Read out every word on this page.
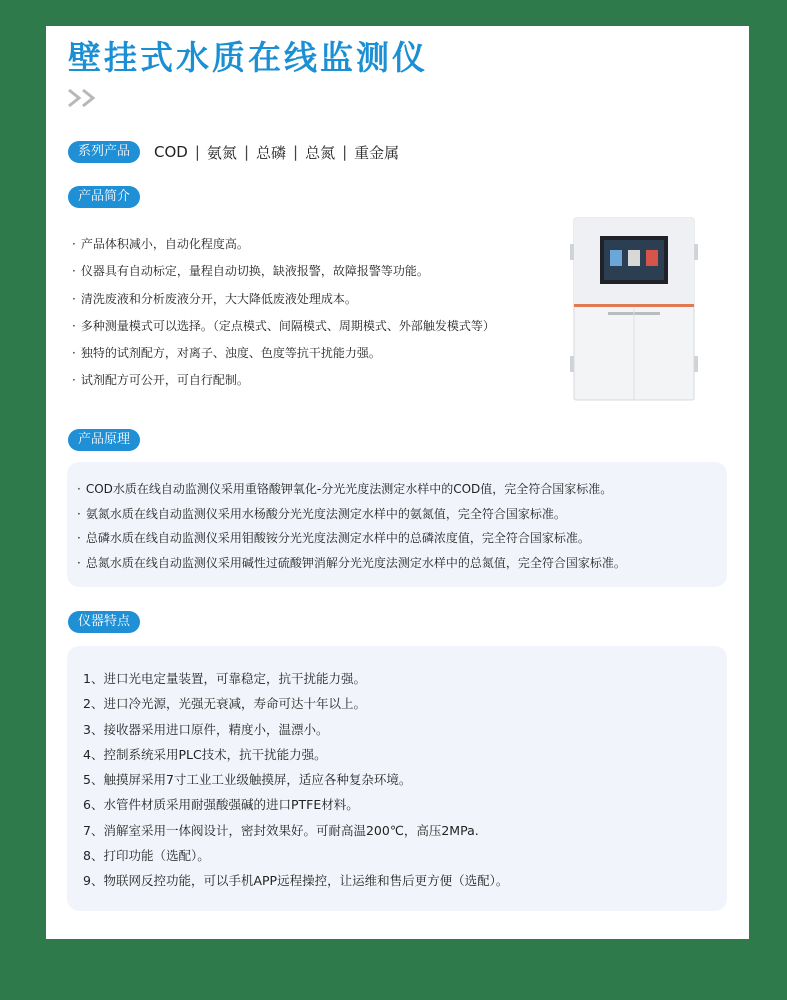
壁挂式水质在线监测仪
系列产品	COD | 氨氮 | 总磷 | 总氮 | 重金属
产品简介
· 产品体积减小，自动化程度高。
· 仪器具有自动标定，量程自动切换，缺液报警，故障报警等功能。
· 清洗废液和分析废液分开，大大降低废液处理成本。
· 多种测量模式可以选择。（定点模式、间隔模式、周期模式、外部触发模式等）
· 独特的试剂配方，对离子、浊度、色度等抗干扰能力强。
· 试剂配方可公开，可自行配制。
产品原理
· COD水质在线自动监测仪采用重铬酸钾氧化-分光光度法测定水样中的COD值，完全符合国家标准。
· 氨氮水质在线自动监测仪采用水杨酸分光光度法测定水样中的氨氮值，完全符合国家标准。
· 总磷水质在线自动监测仪采用钼酸铵分光光度法测定水样中的总磷浓度值，完全符合国家标准。
· 总氮水质在线自动监测仪采用碱性过硫酸钾消解分光光度法测定水样中的总氮值，完全符合国家标准。
仪器特点
1、进口光电定量装置，可靠稳定，抗干扰能力强。
2、进口冷光源，光强无衰减，寿命可达十年以上。
3、接收器采用进口原件，精度小，温漂小。
4、控制系统采用PLC技术，抗干扰能力强。
5、触摸屏采用7寸工业工业级触摸屏，适应各种复杂环境。
6、水管件材质采用耐强酸强碱的进口PTFE材料。
7、消解室采用一体阀设计，密封效果好。可耐高温200℃，高压2MPa.
8、打印功能（选配）。
9、物联网反控功能，可以手机APP远程操控，让运维和售后更方便（选配）。
